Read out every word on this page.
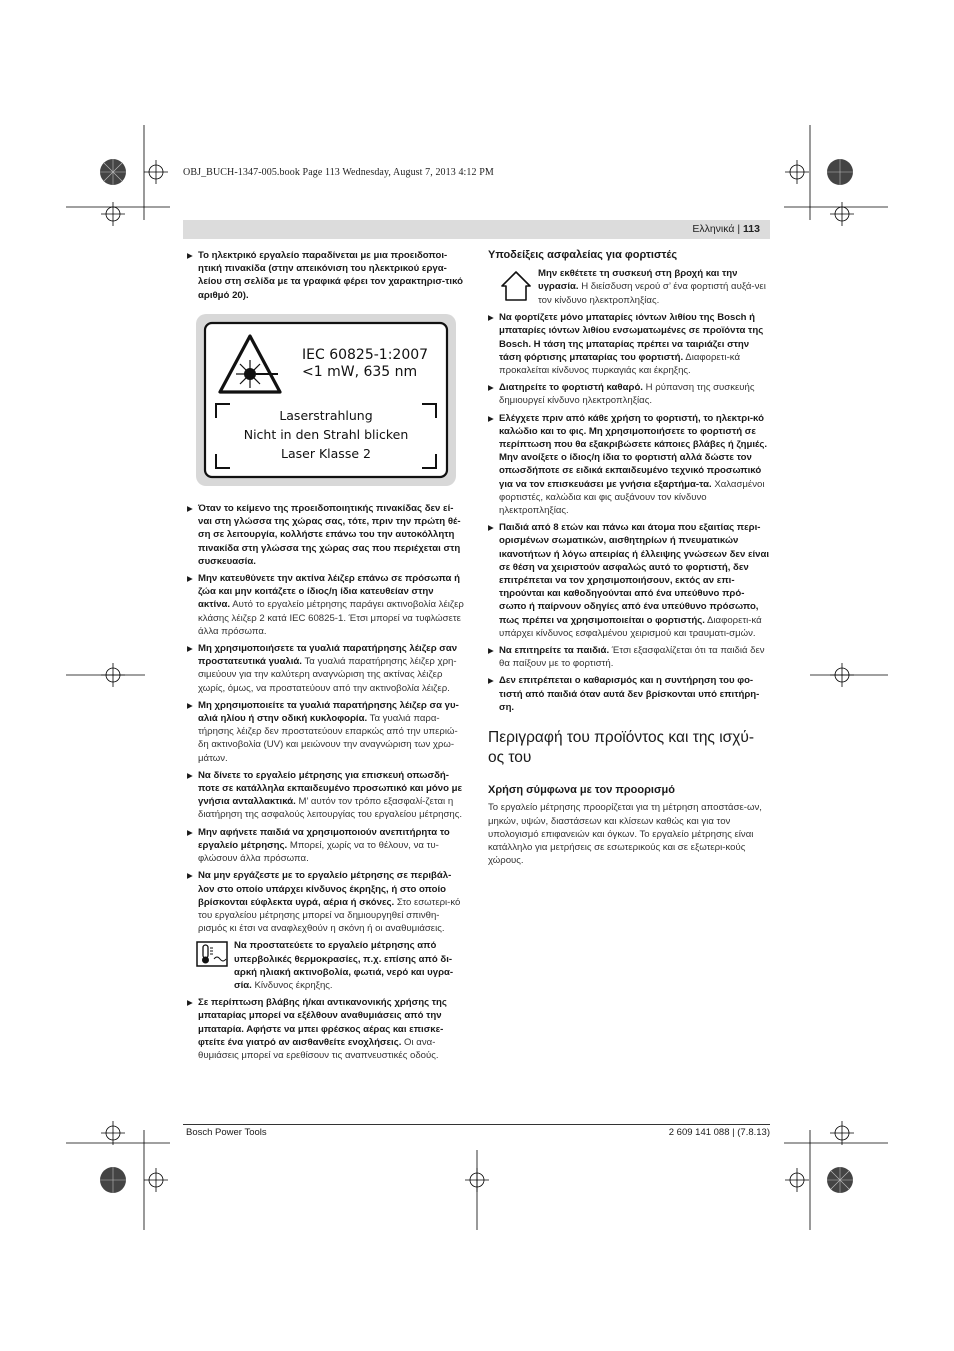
OBJ_BUCH-1347-005.book Page 113 Wednesday, August 7, 2013 4:12 PM
Ελληνικά | 113
▶ Το ηλεκτρικό εργαλείο παραδίνεται με μια προειδοποι-ητική πινακίδα (στην απεικόνιση του ηλεκτρικού εργα-λείου στη σελίδα με τα γραφικά φέρει τον χαρακτηρισ-τικό αριθμό 20).
IEC 60825-1:2007
<1 mW, 635 nm
Laserstrahlung
Nicht in den Strahl blicken
Laser Klasse 2
▶ Όταν το κείμενο της προειδοποιητικής πινακίδας δεν εί-ναι στη γλώσσα της χώρας σας, τότε, πριν την πρώτη θέ-ση σε λειτουργία, κολλήστε επάνω του την αυτοκόλλητη πινακίδα στη γλώσσα της χώρας σας που περιέχεται στη συσκευασία.
▶ Μην κατευθύνετε την ακτίνα λέιζερ επάνω σε πρόσωπα ή ζώα και μην κοιτάζετε ο ίδιος/η ίδια κατευθείαν στην ακτίνα. Αυτό το εργαλείο μέτρησης παράγει ακτινοβολία λέιζερ κλάσης λέιζερ 2 κατά IEC 60825-1. Έτσι μπορεί να τυφλώσετε άλλα πρόσωπα.
▶ Μη χρησιμοποιήσετε τα γυαλιά παρατήρησης λέιζερ σαν προστατευτικά γυαλιά. Τα γυαλιά παρατήρησης λέιζερ χρη-σιμεύουν για την καλύτερη αναγνώριση της ακτίνας λέιζερ χωρίς, όμως, να προστατεύουν από την ακτινοβολία λέιζερ.
▶ Μη χρησιμοποιείτε τα γυαλιά παρατήρησης λέιζερ σα γυ-αλιά ηλίου ή στην οδική κυκλοφορία. Τα γυαλιά παρα-τήρησης λέιζερ δεν προστατεύουν επαρκώς από την υπεριώ-δη ακτινοβολία (UV) και μειώνουν την αναγνώριση των χρω-μάτων.
▶ Να δίνετε το εργαλείο μέτρησης για επισκευή οπωσδή-ποτε σε κατάλληλα εκπαιδευμένο προσωπικό και μόνο με γνήσια ανταλλακτικά. Μ’ αυτόν τον τρόπο εξασφαλί-ζεται η διατήρηση της ασφαλούς λειτουργίας του εργαλείου μέτρησης.
▶ Μην αφήνετε παιδιά να χρησιμοποιούν ανεπιτήρητα το εργαλείο μέτρησης. Μπορεί, χωρίς να το θέλουν, να τυ-φλώσουν άλλα πρόσωπα.
▶ Να μην εργάζεστε με το εργαλείο μέτρησης σε περιβάλ-λον στο οποίο υπάρχει κίνδυνος έκρηξης, ή στο οποίο βρίσκονται εύφλεκτα υγρά, αέρια ή σκόνες. Στο εσωτερι-κό του εργαλείου μέτρησης μπορεί να δημιουργηθεί σπινθη-ρισμός κι έτσι να αναφλεχθούν η σκόνη ή οι αναθυμιάσεις.
Να προστατεύετε το εργαλείο μέτρησης από υπερβολικές θερμοκρασίες, π.χ. επίσης από δι-αρκή ηλιακή ακτινοβολία, φωτιά, νερό και υγρα-σία. Κίνδυνος έκρηξης.
▶ Σε περίπτωση βλάβης ή/και αντικανονικής χρήσης της μπαταρίας μπορεί να εξέλθουν αναθυμιάσεις από την μπαταρία. Αφήστε να μπει φρέσκος αέρας και επισκε-φτείτε ένα γιατρό αν αισθανθείτε ενοχλήσεις. Οι ανα-θυμιάσεις μπορεί να ερεθίσουν τις αναπνευστικές οδούς.
Υποδείξεις ασφαλείας για φορτιστές
Μην εκθέτετε τη συσκευή στη βροχή και την υγρασία. Η διείσδυση νερού σ’ ένα φορτιστή αυξά-νει τον κίνδυνο ηλεκτροπληξίας.
▶ Να φορτίζετε μόνο μπαταρίες ιόντων λιθίου της Bosch ή μπαταρίες ιόντων λιθίου ενσωματωμένες σε προϊόντα της Bosch. Η τάση της μπαταρίας πρέπει να ταιριάζει στην τάση φόρτισης μπαταρίας του φορτιστή. Διαφορετι-κά προκαλείται κίνδυνος πυρκαγιάς και έκρηξης.
▶ Διατηρείτε το φορτιστή καθαρό. Η ρύπανση της συσκευής δημιουργεί κίνδυνο ηλεκτροπληξίας.
▶ Ελέγχετε πριν από κάθε χρήση το φορτιστή, το ηλεκτρι-κό καλώδιο και το φις. Μη χρησιμοποιήσετε το φορτιστή σε περίπτωση που θα εξακριβώσετε κάποιες βλάβες ή ζημιές. Μην ανοίξετε ο ίδιος/η ίδια το φορτιστή αλλά δώστε τον οπωσδήποτε σε ειδικά εκπαιδευμένο τεχνικό προσωπικό για να τον επισκευάσει με γνήσια εξαρτήμα-τα. Χαλασμένοι φορτιστές, καλώδια και φις αυξάνουν τον κίνδυνο ηλεκτροπληξίας.
▶ Παιδιά από 8 ετών και πάνω και άτομα που εξαιτίας περι-ορισμένων σωματικών, αισθητηρίων ή πνευματικών ικανοτήτων ή λόγω απειρίας ή έλλειψης γνώσεων δεν είναι σε θέση να χειριστούν ασφαλώς αυτό το φορτιστή, δεν επιτρέπεται να τον χρησιμοποιήσουν, εκτός αν επι-τηρούνται και καθοδηγούνται από ένα υπεύθυνο πρό-σωπο ή παίρνουν οδηγίες από ένα υπεύθυνο πρόσωπο, πως πρέπει να χρησιμοποιείται ο φορτιστής. Διαφορετι-κά υπάρχει κίνδυνος εσφαλμένου χειρισμού και τραυματι-σμών.
▶ Να επιτηρείτε τα παιδιά. Έτσι εξασφαλίζεται ότι τα παιδιά δεν θα παίξουν με το φορτιστή.
▶ Δεν επιτρέπεται ο καθαρισμός και η συντήρηση του φο-τιστή από παιδιά όταν αυτά δεν βρίσκονται υπό επιτήρη-ση.
Περιγραφή του προϊόντος και της ισχύ-ος του
Χρήση σύμφωνα με τον προορισμό
Το εργαλείο μέτρησης προορίζεται για τη μέτρηση αποστάσε-ων, μηκών, υψών, διαστάσεων και κλίσεων καθώς και για τον υπολογισμό επιφανειών και όγκων. Το εργαλείο μέτρησης είναι κατάλληλο για μετρήσεις σε εσωτερικούς και σε εξωτερι-κούς χώρους.
Bosch Power Tools	2 609 141 088 | (7.8.13)
